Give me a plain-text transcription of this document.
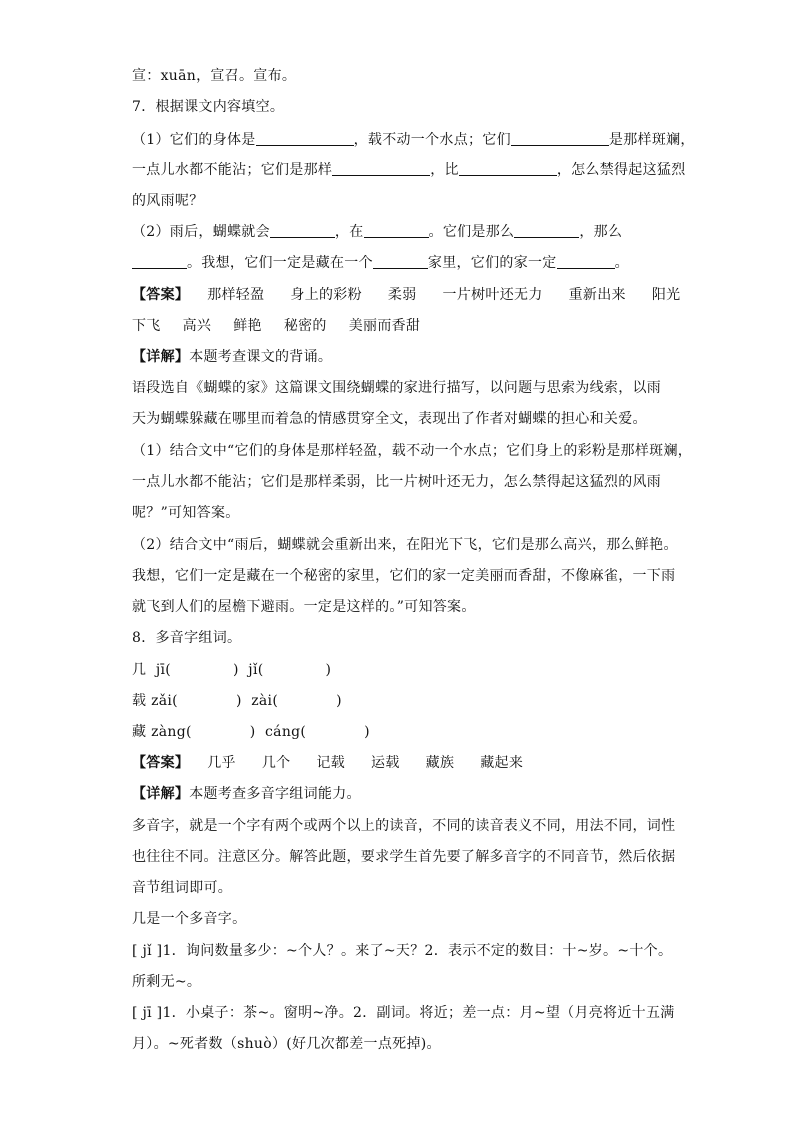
宣：xuān，宣召。宣布。
7．根据课文内容填空。
（1）它们的身体是	，载不动一个水点；它们	是那样斑斓，
一点儿水都不能沾；它们是那样	，比	，怎么禁得起这猛烈
的风雨呢？
（2）雨后，蝴蝶就会	，在	。它们是那么	，那么
。我想，它们一定是藏在一个	家里，它们的家一定	。
【答案】 那样轻盈 身上的彩粉 柔弱 一片树叶还无力 重新出来 阳光
下飞 高兴 鲜艳 秘密的 美丽而香甜
【详解】本题考查课文的背诵。
语段选自《蝴蝶的家》这篇课文围绕蝴蝶的家进行描写，以问题与思索为线索，以雨
天为蝴蝶躲藏在哪里而着急的情感贯穿全文，表现出了作者对蝴蝶的担心和关爱。
（1）结合文中“它们的身体是那样轻盈，载不动一个水点；它们身上的彩粉是那样斑斓，
一点儿水都不能沾；它们是那样柔弱，比一片树叶还无力，怎么禁得起这猛烈的风雨
呢？”可知答案。
（2）结合文中“雨后，蝴蝶就会重新出来，在阳光下飞，它们是那么高兴，那么鲜艳。
我想，它们一定是藏在一个秘密的家里，它们的家一定美丽而香甜，不像麻雀，一下雨
就飞到人们的屋檐下避雨。一定是这样的。”可知答案。
8．多音字组词。
几 jī(	) jǐ(	)
载 zǎi(	) zài(	)
藏 zàng(	) cáng(	)
【答案】 几乎 几个 记载 运载 藏族 藏起来
【详解】本题考查多音字组词能力。
多音字，就是一个字有两个或两个以上的读音，不同的读音表义不同，用法不同，词性
也往往不同。注意区分。解答此题，要求学生首先要了解多音字的不同音节，然后依据
音节组词即可。
几是一个多音字。
[ jǐ ]1．询问数量多少：~个人？。来了~天？2．表示不定的数目：十~岁。~十个。
所剩无~。
[ jī ]1．小桌子：茶~。窗明~净。2．副词。将近；差一点：月~望（月亮将近十五满
月）。~死者数（shuò）(好几次都差一点死掉)。
